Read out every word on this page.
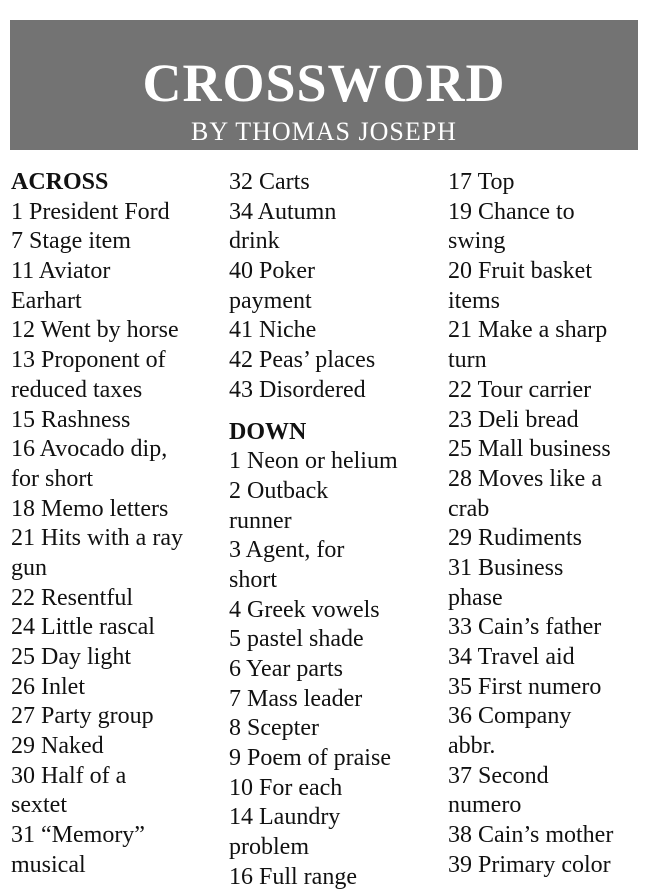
CROSSWORD
BY THOMAS JOSEPH
ACROSS
1 President Ford
7 Stage item
11 Aviator
Earhart
12 Went by horse
13 Proponent of
reduced taxes
15 Rashness
16 Avocado dip,
for short
18 Memo letters
21 Hits with a ray
gun
22 Resentful
24 Little rascal
25 Day light
26 Inlet
27 Party group
29 Naked
30 Half of a
sextet
31 “Memory”
musical
32 Carts
34 Autumn
drink
40 Poker
payment
41 Niche
42 Peas’ places
43 Disordered
DOWN
1 Neon or helium
2 Outback
runner
3 Agent, for
short
4 Greek vowels
5 pastel shade
6 Year parts
7 Mass leader
8 Scepter
9 Poem of praise
10 For each
14 Laundry
problem
16 Full range
17 Top
19 Chance to
swing
20 Fruit basket
items
21 Make a sharp
turn
22 Tour carrier
23 Deli bread
25 Mall business
28 Moves like a
crab
29 Rudiments
31 Business
phase
33 Cain’s father
34 Travel aid
35 First numero
36 Company
abbr.
37 Second
numero
38 Cain’s mother
39 Primary color
